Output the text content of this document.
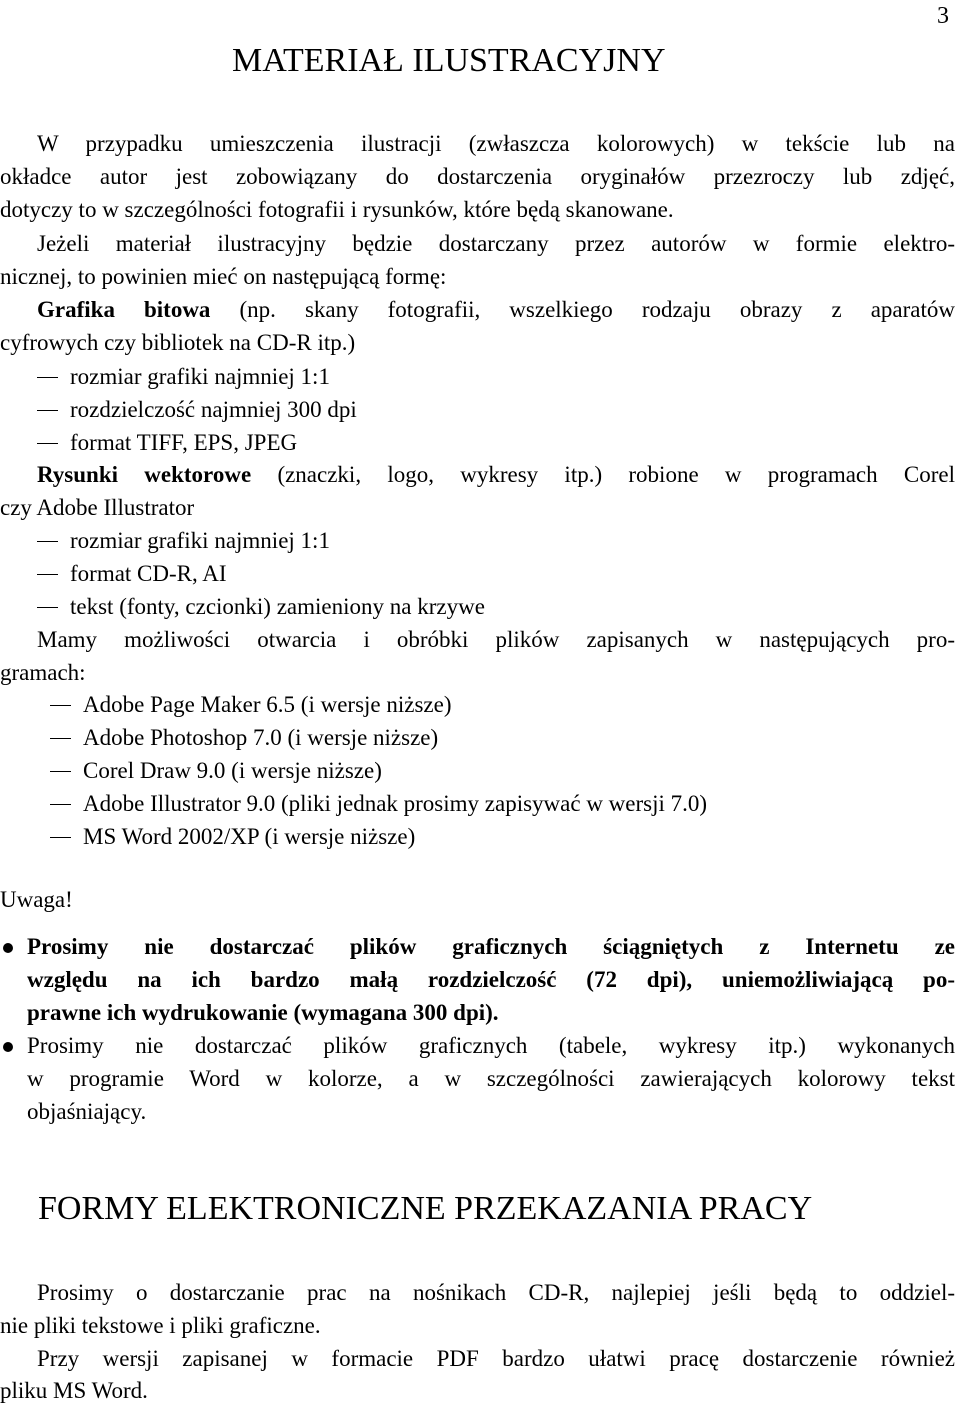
3
MATERIAŁ ILUSTRACYJNY
W przypadku umieszczenia ilustracji (zwłaszcza kolorowych) w tekście lub na
okładce autor jest zobowiązany do dostarczenia oryginałów przezroczy lub zdjęć,
dotyczy to w szczególności fotografii i rysunków, które będą skanowane.
Jeżeli materiał ilustracyjny będzie dostarczany przez autorów w formie elektro-
nicznej, to powinien mieć on następującą formę:
Grafika bitowa (np. skany fotografii, wszelkiego rodzaju obrazy z aparatów
cyfrowych czy bibliotek na CD-R itp.)
rozmiar grafiki najmniej 1:1
rozdzielczość najmniej 300 dpi
format TIFF, EPS, JPEG
Rysunki wektorowe (znaczki, logo, wykresy itp.) robione w programach Corel
czy Adobe Illustrator
rozmiar grafiki najmniej 1:1
format CD-R, AI
tekst (fonty, czcionki) zamieniony na krzywe
Mamy możliwości otwarcia i obróbki plików zapisanych w następujących pro-
gramach:
Adobe Page Maker 6.5 (i wersje niższe)
Adobe Photoshop 7.0 (i wersje niższe)
Corel Draw 9.0 (i wersje niższe)
Adobe Illustrator 9.0 (pliki jednak prosimy zapisywać w wersji 7.0)
MS Word 2002/XP (i wersje niższe)
Uwaga!
Prosimy nie dostarczać plików graficznych ściągniętych z Internetu ze
względu na ich bardzo małą rozdzielczość (72 dpi), uniemożliwiającą po-
prawne ich wydrukowanie (wymagana 300 dpi).
Prosimy nie dostarczać plików graficznych (tabele, wykresy itp.) wykonanych
w programie Word w kolorze, a w szczególności zawierających kolorowy tekst
objaśniający.
FORMY ELEKTRONICZNE PRZEKAZANIA PRACY
Prosimy o dostarczanie prac na nośnikach CD-R, najlepiej jeśli będą to oddziel-
nie pliki tekstowe i pliki graficzne.
Przy wersji zapisanej w formacie PDF bardzo ułatwi pracę dostarczenie również
pliku MS Word.
